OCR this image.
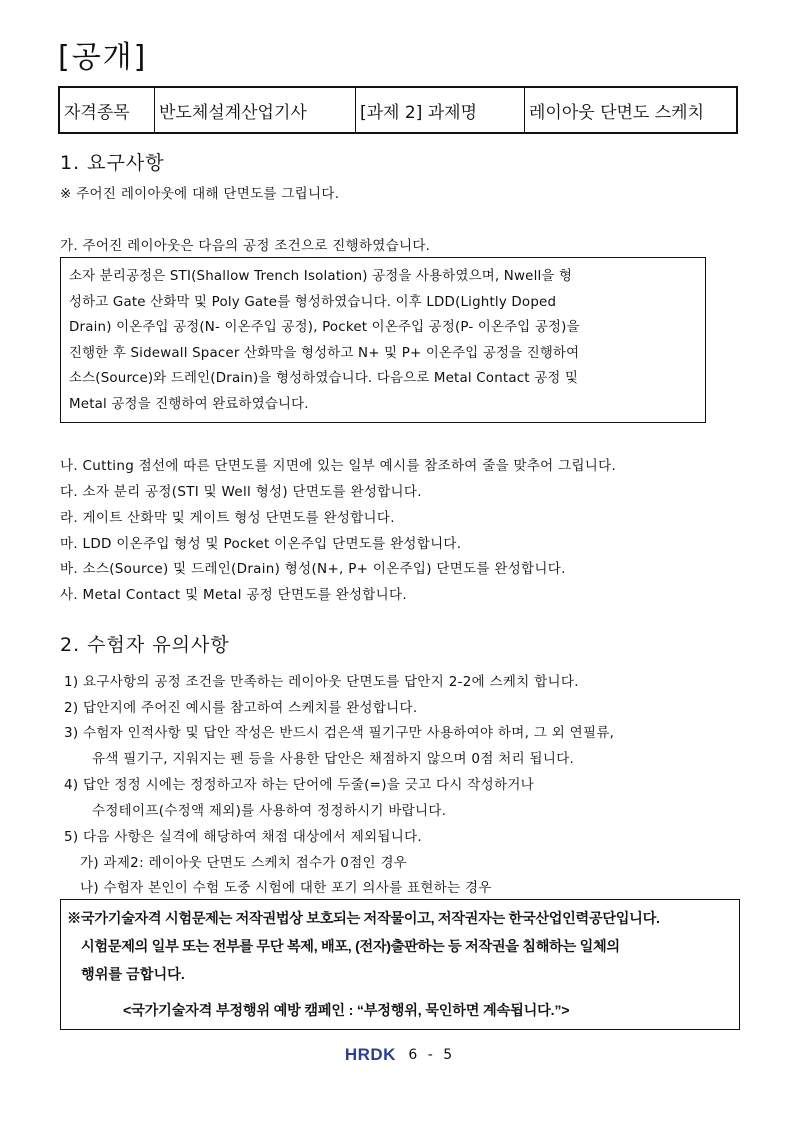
[공개]
자격종목	반도체설계산업기사	[과제 2] 과제명	레이아웃 단면도 스케치
1. 요구사항
※ 주어진 레이아웃에 대해 단면도를 그립니다.
가. 주어진 레이아웃은 다음의 공정 조건으로 진행하였습니다.
소자 분리공정은 STI(Shallow Trench Isolation) 공정을 사용하였으며, Nwell을 형
성하고 Gate 산화막 및 Poly Gate를 형성하였습니다. 이후 LDD(Lightly Doped
Drain) 이온주입 공정(N- 이온주입 공정), Pocket 이온주입 공정(P- 이온주입 공정)을
진행한 후 Sidewall Spacer 산화막을 형성하고 N+ 및 P+ 이온주입 공정을 진행하여
소스(Source)와 드레인(Drain)을 형성하였습니다. 다음으로 Metal Contact 공정 및
Metal 공정을 진행하여 완료하였습니다.
나. Cutting 점선에 따른 단면도를 지면에 있는 일부 예시를 참조하여 줄을 맞추어 그립니다.
다. 소자 분리 공정(STI 및 Well 형성) 단면도를 완성합니다.
라. 게이트 산화막 및 게이트 형성 단면도를 완성합니다.
마. LDD 이온주입 형성 및 Pocket 이온주입 단면도를 완성합니다.
바. 소스(Source) 및 드레인(Drain) 형성(N+, P+ 이온주입) 단면도를 완성합니다.
사. Metal Contact 및 Metal 공정 단면도를 완성합니다.
2. 수험자 유의사항
1) 요구사항의 공정 조건을 만족하는 레이아웃 단면도를 답안지 2-2에 스케치 합니다.
2) 답안지에 주어진 예시를 참고하여 스케치를 완성합니다.
3) 수험자 인적사항 및 답안 작성은 반드시 검은색 필기구만 사용하여야 하며, 그 외 연필류,
유색 필기구, 지워지는 펜 등을 사용한 답안은 채점하지 않으며 0점 처리 됩니다.
4) 답안 정정 시에는 정정하고자 하는 단어에 두줄(=)을 긋고 다시 작성하거나
수정테이프(수정액 제외)를 사용하여 정정하시기 바랍니다.
5) 다음 사항은 실격에 해당하여 채점 대상에서 제외됩니다.
가) 과제2: 레이아웃 단면도 스케치 점수가 0점인 경우
나) 수험자 본인이 수험 도중 시험에 대한 포기 의사를 표현하는 경우
※국가기술자격 시험문제는 저작권법상 보호되는 저작물이고, 저작권자는 한국산업인력공단입니다.
시험문제의 일부 또는 전부를 무단 복제, 배포, (전자)출판하는 등 저작권을 침해하는 일체의
행위를 금합니다.
<국가기술자격 부정행위 예방 캠페인 : “부정행위, 묵인하면 계속됩니다.”>
HRDK 6 - 5
